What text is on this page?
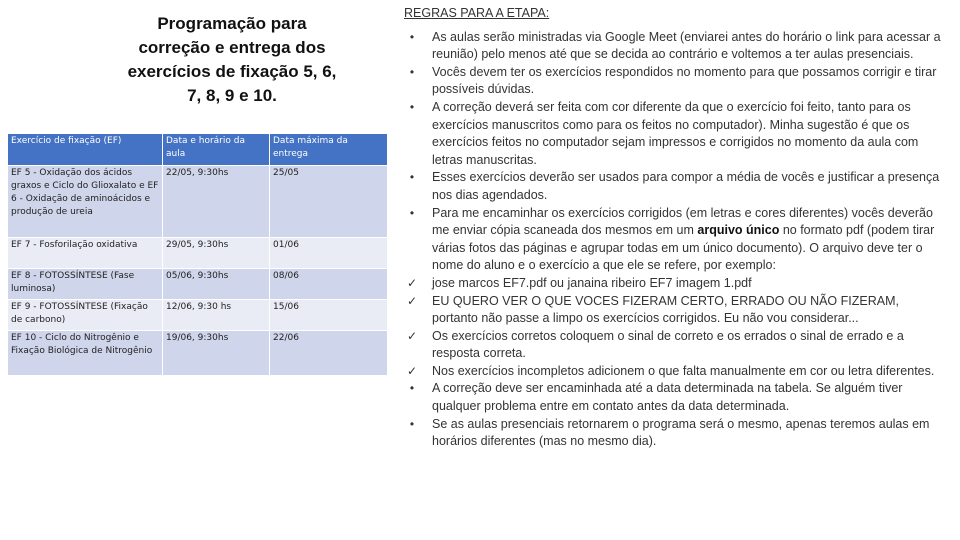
Programação para
correção e entrega dos
exercícios de fixação 5, 6,
7, 8, 9 e 10.
Exercício de fixação (EF)	Data e horário da aula	Data máxima da entrega
EF 5 - Oxidação dos ácidos graxos e Ciclo do Glioxalato e EF 6 - Oxidação de aminoácidos e produção de ureia	22/05, 9:30hs	25/05
EF 7 - Fosforilação oxidativa	29/05, 9:30hs	01/06
EF 8 - FOTOSSÍNTESE (Fase luminosa)	05/06, 9:30hs	08/06
EF 9 - FOTOSSÍNTESE (Fixação de carbono)	12/06, 9:30 hs	15/06
EF 10 - Ciclo do Nitrogênio e Fixação Biológica de Nitrogênio	19/06, 9:30hs	22/06
REGRAS PARA A ETAPA:
•	As aulas serão ministradas via Google Meet (enviarei antes do horário o link para acessar a reunião) pelo menos até que se decida ao contrário e voltemos a ter aulas presenciais.
•	Vocês devem ter os exercícios respondidos no momento para que possamos corrigir e tirar possíveis dúvidas.
•	A correção deverá ser feita com cor diferente da que o exercício foi feito, tanto para os exercícios manuscritos como para os feitos no computador). Minha sugestão é que os exercícios feitos no computador sejam impressos e corrigidos no momento da aula com letras manuscritas.
•	Esses exercícios deverão ser usados para compor a média de vocês e justificar a presença nos dias agendados.
•	Para me encaminhar os exercícios corrigidos (em letras e cores diferentes) vocês deverão me enviar cópia scaneada dos mesmos em um arquivo único no formato pdf (podem tirar várias fotos das páginas e agrupar todas em um único documento). O arquivo deve ter o nome do aluno e o exercício a que ele se refere, por exemplo:
✓ jose marcos EF7.pdf ou janaina ribeiro EF7 imagem 1.pdf
✓ EU QUERO VER O QUE VOCES FIZERAM CERTO, ERRADO OU NÃO FIZERAM, portanto não passe a limpo os exercícios corrigidos. Eu não vou considerar...
✓ Os exercícios corretos coloquem o sinal de correto e os errados o sinal de errado e a resposta correta.
✓ Nos exercícios incompletos adicionem o que falta manualmente em cor ou letra diferentes.
•	A correção deve ser encaminhada até a data determinada na tabela. Se alguém tiver qualquer problema entre em contato antes da data determinada.
•	Se as aulas presenciais retornarem o programa será o mesmo, apenas teremos aulas em horários diferentes (mas no mesmo dia).
